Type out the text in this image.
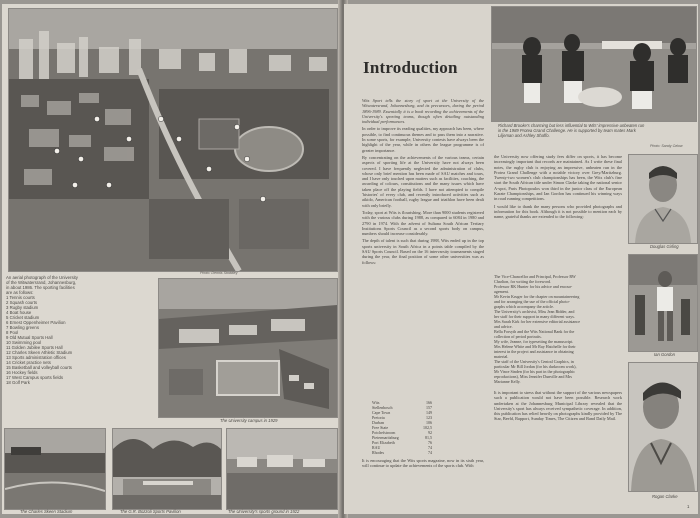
Photo: Dennis Stoddley
An aerial photograph of the University
of the Witwatersrand, Johannesburg,
in about 1986. The sporting facilities
are as follows:
1 Tennis courts
2 Squash courts
3 Rugby stadium
4 Boat house
5 Cricket stadium
6 Ernest Oppenheimer Pavilion
7 Bowling greens
8 Pool
9 Old Mutual Sports Hall
10 Swimming pool
11 Golden Jubilee Sports Hall
12 Charles Skeen Athletic Stadium
13 Sports administration offices
14 Cricket practice nets
15 Basketball and volleyball courts
16 Hockey fields
17 West Campus sports fields
18 Golf Park
The University campus in 1929
The Charles Skeen Stadium	The G.R. Bozzoli Sports Pavilion	The University's sports ground in 1922
Introduction

Wits Sport tells the story of sport at the University of the Witwatersrand, Johannesburg, and its precursors, during the period 1896-1989. Essentially it is a book recording the achievements of the University's sporting teams, though often detailing outstanding individual performances.

In order to improve its reading qualities, my approach has been, where possible, to find continuous themes and to pass them into a narrative. In some sports, for example, University contests have always been the highlight of the year, while in others the league programme is of greater importance.

By concentrating on the achievements of the various teams, certain aspects of sporting life at the University have not always been covered. I have frequently neglected the administration of clubs, whose only brief mention has been made of SAU matches and tours, and I have only touched upon matters such as facilities, coaching, the awarding of colours, constitutions and the many issues which have taken place off the playing fields. I have not attempted to compile 'histories' of every club, and recently introduced activities such as aikido, American football, rugby league and triathlon have been dealt with only briefly.

Today, sport at Wits is flourishing. More than 9000 students registered with the various clubs during 1988, as compared to 6084 in 1980 and 2790 in 1974. With the advent of Sultana South African Tertiary Institutions Sports Council as a second sports body on campus, numbers should increase considerably.

The depth of talent is such that during 1988, Wits ended up in the top sports university in South Africa in a points table compiled by the SAU Sports Council. Based on the 16 intervarsity tournaments staged during the year, the final position of some other universities was as follows:

Wits	166
Stellenbosch	157
Cape Town	149
Pretoria	123
Durban	106
Free State	102,5
Potchefstroom	92
Pietermaritzburg	81,5
Port Elizabeth	76
RAU	74
Rhodes	74

It is encouraging that the Wits sports magazine, now in its sixth year, will continue to update the achievements of the sports club. With

the University now offering study fees differ on sports, it has become increasingly important that records are maintained. As I write these final notes, the rugby club is enjoying an impressive, unbeaten run in the Protea Grand Challenge with a notable victory over Grey/Maritzburg. Twenty-two women's club championships has been, the Wits club's fine start the South African title under Simon Clarke taking the national senior A-spot, Paris Photopoulos won third in the junior class of the European Karate Championships, and Ian Gordon has continued his winning ways in road running competitions.

I would like to thank the many persons who provided photographs and information for this book. Although it is not possible to mention each by name, grateful thanks are extended to the following:

The Vice-Chancellor and Principal, Professor RW
Charlton, for writing the foreword.
Professor RK Hunter for his advice and encour-
agement.
Mr Kevin Kruger for the chapter on mountaineering
and for arranging the use of the official photo-
graphs which accompany the article.
The University's archivist, Miss Jean Bidder, and
her staff for their support in many different ways.
Mrs Sarah Kirk for her extensive editorial assistance
and advice.
Bella Forsyth and the Wits National Bank for the
collection of period portraits.
My wife, Jeanne, for typesetting the manuscript.
Mrs Helene White and Mr Ray Hatchelle for their
interest in the project and assistance in obtaining
material.
The staff of the University's Central Graphics, in
particular Mr Bill Jordan (for his darkroom work),
Mr Vince Sinden (for his part in the photographic
reproductions), Miss Jennifer Dunville and Mrs
Marianne Kelly.

It is important to stress that without the support of the various newspapers such a publication would not have been possible. Research work undertaken at the Johannesburg Municipal Library revealed that the University's sport has always received sympathetic coverage. In addition, this publication has relied heavily on photographs kindly provided by The Star, Beeld, Rapport, Sunday Times, The Citizen and Rand Daily Mail.

Richard Brooke's charming but less influential to Wits' impressive unbeaten run in the 1989 Protea Grand Challenge. He is supported by team mates Mark Liljeman and Ashley Shaffo.
Photo: Sandy Ozlow
Douglas Girling
Ian Gordon
Rogan Clarke
1
